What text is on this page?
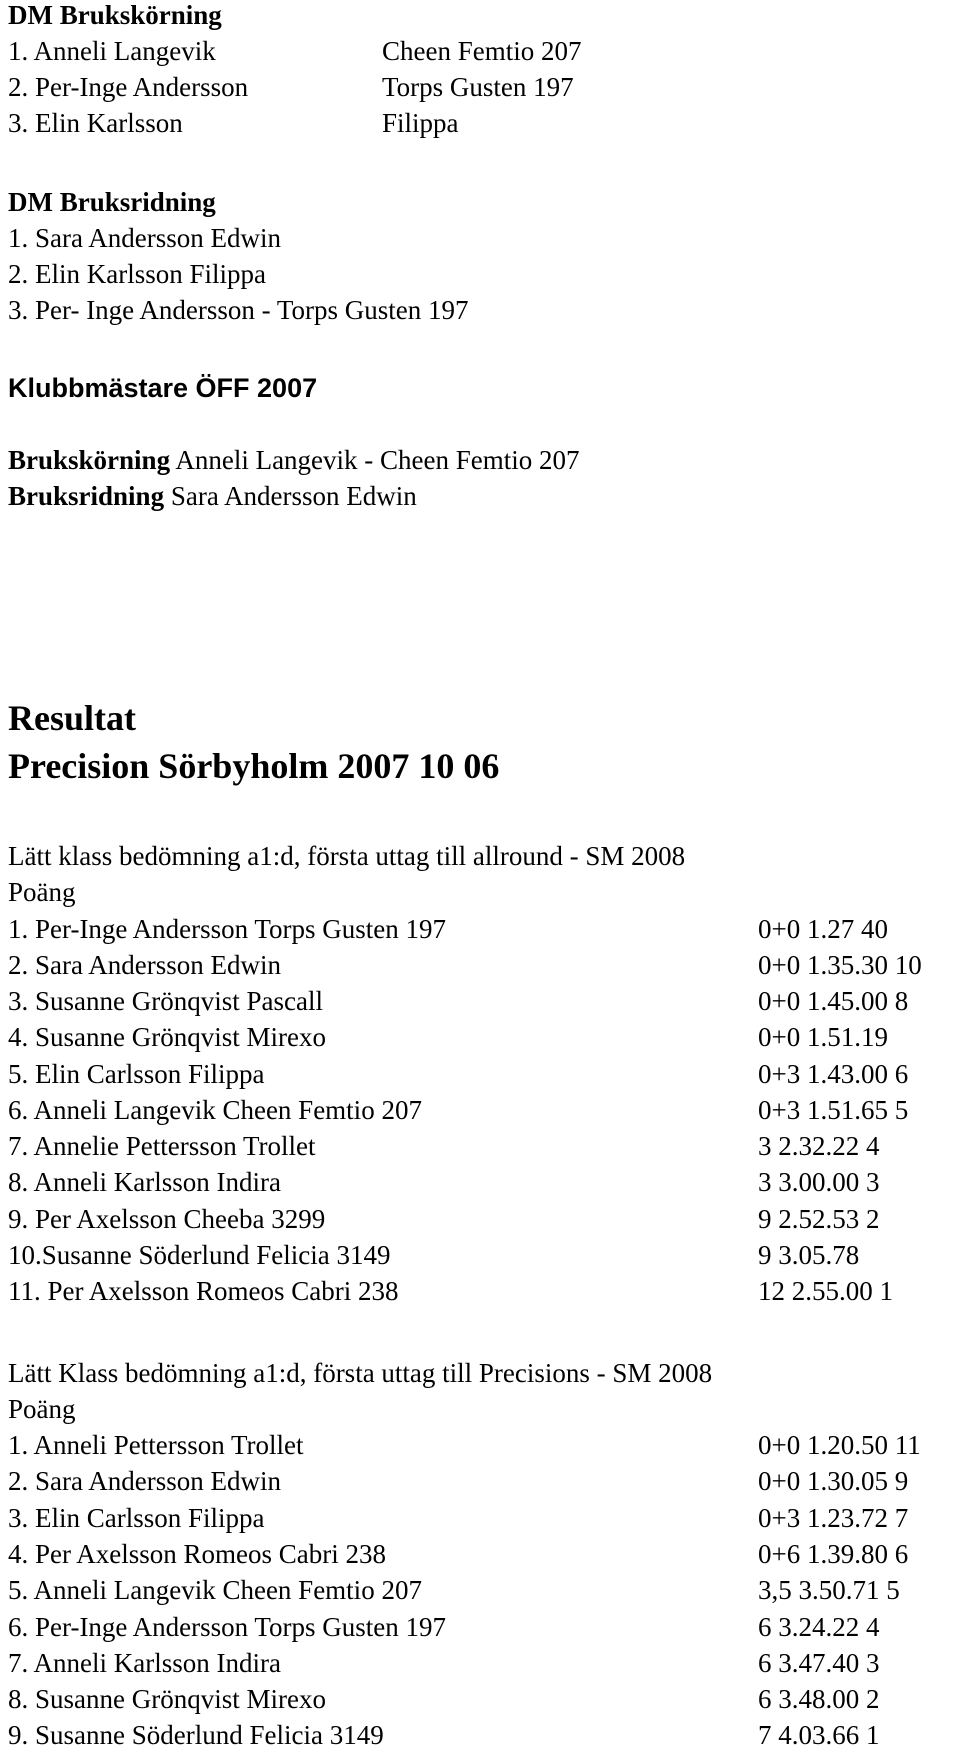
DM Brukskörning
1. Anneli Langevik	Cheen Femtio 207
2. Per-Inge Andersson	Torps Gusten 197
3. Elin Karlsson	Filippa
DM Bruksridning
1. Sara Andersson Edwin
2. Elin Karlsson Filippa
3. Per- Inge Andersson - Torps Gusten 197
Klubbmästare ÖFF 2007
Brukskörning Anneli Langevik - Cheen Femtio 207
Bruksridning Sara Andersson Edwin
Resultat
Precision Sörbyholm 2007 10 06
Lätt klass bedömning a1:d, första uttag till allround - SM 2008
Poäng
1. Per-Inge Andersson Torps Gusten 197	0+0 1.27 40
2. Sara Andersson Edwin	0+0 1.35.30 10
3. Susanne Grönqvist Pascall	0+0 1.45.00 8
4. Susanne Grönqvist Mirexo	0+0 1.51.19
5. Elin Carlsson Filippa	0+3 1.43.00 6
6. Anneli Langevik Cheen Femtio 207	0+3 1.51.65 5
7. Annelie Pettersson Trollet	3 2.32.22 4
8. Anneli Karlsson Indira	3 3.00.00 3
9. Per Axelsson Cheeba 3299	9 2.52.53 2
10.Susanne Söderlund Felicia 3149	9 3.05.78
11. Per Axelsson Romeos Cabri 238	12 2.55.00 1
Lätt Klass bedömning a1:d, första uttag till Precisions - SM 2008
Poäng
1. Anneli Pettersson Trollet	0+0 1.20.50 11
2. Sara Andersson Edwin	0+0 1.30.05 9
3. Elin Carlsson Filippa	0+3 1.23.72 7
4. Per Axelsson Romeos Cabri 238	0+6 1.39.80 6
5. Anneli Langevik Cheen Femtio 207	3,5 3.50.71 5
6. Per-Inge Andersson Torps Gusten 197	6 3.24.22 4
7. Anneli Karlsson Indira	6 3.47.40 3
8. Susanne Grönqvist Mirexo	6 3.48.00 2
9. Susanne Söderlund Felicia 3149	7 4.03.66 1
